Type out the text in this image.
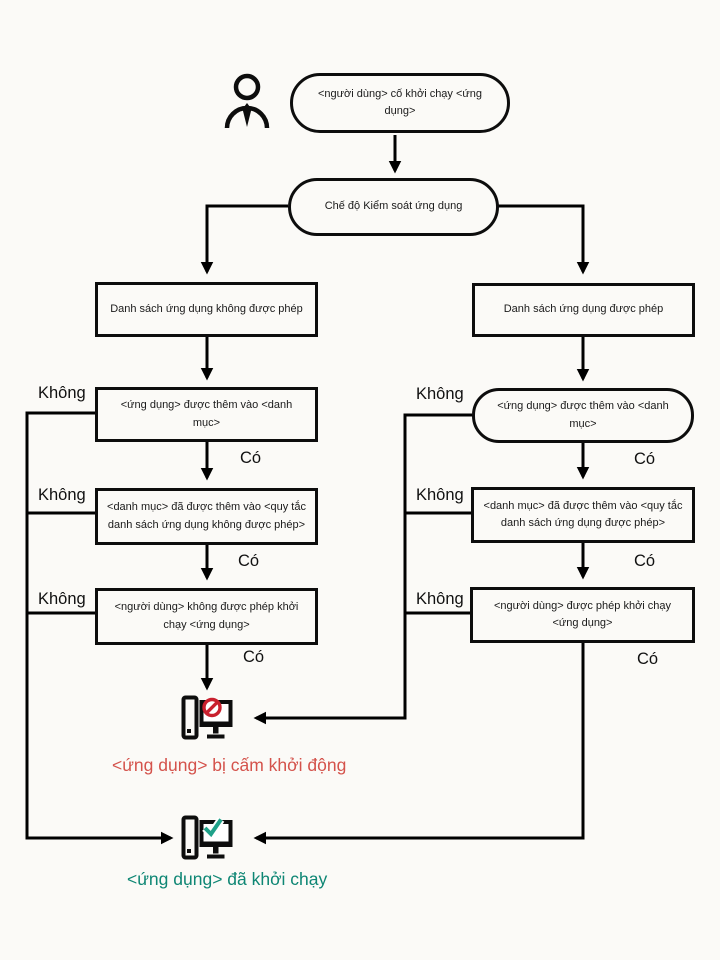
<người dùng> cố khởi chạy <ứng dụng>
Chế độ Kiểm soát ứng dụng
Danh sách ứng dụng không được phép	Danh sách ứng dụng được phép
<ứng dụng> được thêm vào <danh mục>
<ứng dụng> được thêm vào <danh mục>
<danh mục> đã được thêm vào <quy tắc danh sách ứng dụng không được phép>
<danh mục> đã được thêm vào <quy tắc danh sách ứng dụng được phép>
<người dùng> không được phép khởi chạy <ứng dụng>
<người dùng> được phép khởi chạy <ứng dụng>
Không
Không
Không
Không
Không
Không
Có
Có
Có
Có
Có
Có
<ứng dụng> bị cấm khởi động
<ứng dụng> đã khởi chạy
